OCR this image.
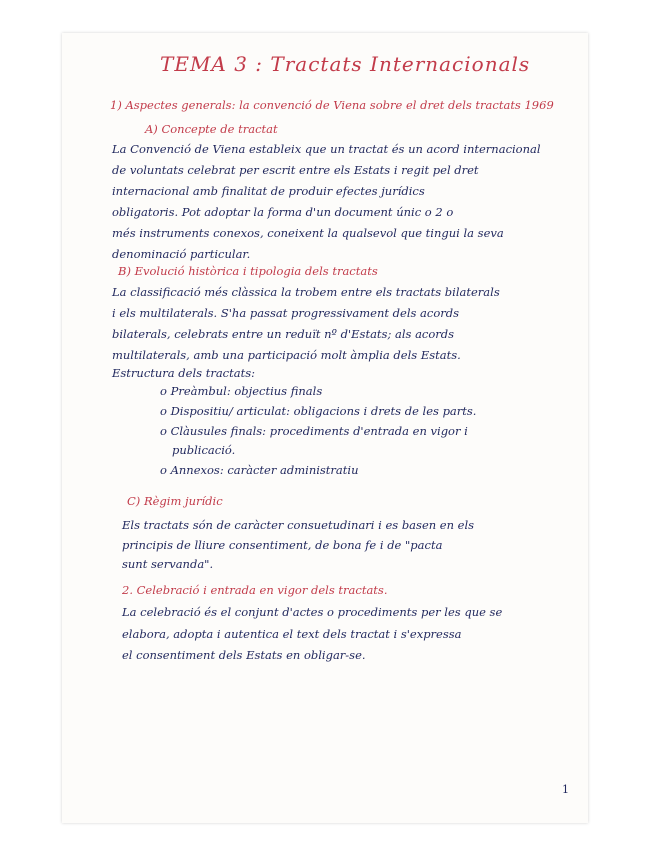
TEMA 3 : Tractats Internacionals
1) Aspectes generals: la convenció de Viena sobre el dret dels tractats 1969
A) Concepte de tractat
La Convenció de Viena estableix que un tractat és un acord internacional
de voluntats celebrat per escrit entre els Estats i regit pel dret
internacional amb finalitat de produir efectes jurídics
obligatoris. Pot adoptar la forma d'un document únic o 2 o
més instruments conexos, coneixent la qualsevol que tingui la seva
denominació particular.
B) Evolució històrica i tipologia dels tractats
La classificació més clàssica la trobem entre els tractats bilaterals
i els multilaterals. S'ha passat progressivament dels acords
bilaterals, celebrats entre un reduït nº d'Estats; als acords
multilaterals, amb una participació molt àmplia dels Estats.
Estructura dels tractats:
o Preàmbul: objectius finals
o Dispositiu/ articulat: obligacions i drets de les parts.
o Clàusules finals: procediments d'entrada en vigor i
publicació.
o Annexos: caràcter administratiu
C) Règim jurídic
Els tractats són de caràcter consuetudinari i es basen en els
principis de lliure consentiment, de bona fe i de "pacta
sunt servanda".
2. Celebració i entrada en vigor dels tractats.
La celebració és el conjunt d'actes o procediments per les que se
elabora, adopta i autentica el text dels tractat i s'expressa
el consentiment dels Estats en obligar-se.
1
